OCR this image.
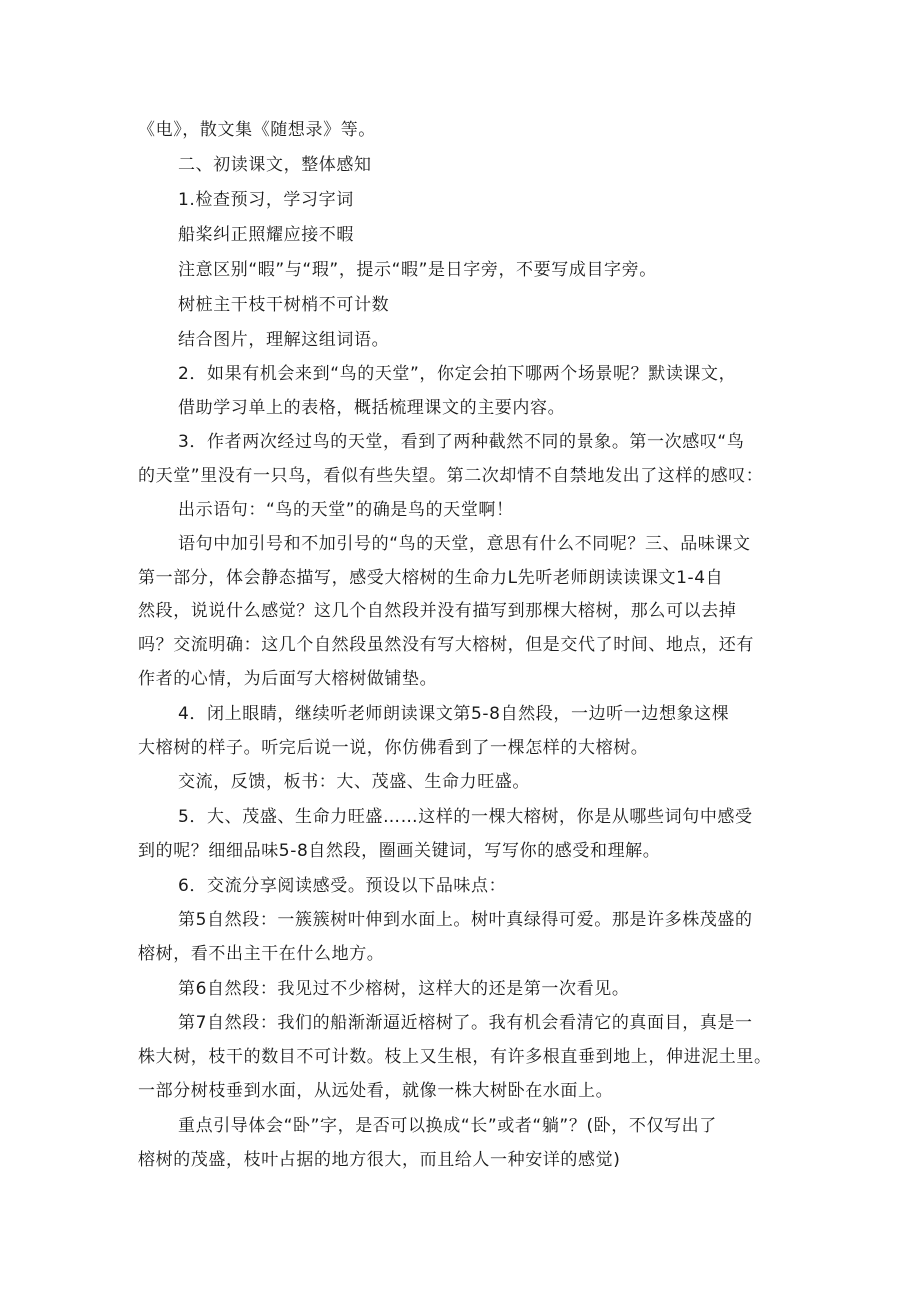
《电》，散文集《随想录》等。
二、初读课文，整体感知
1.检查预习，学习字词
船桨纠正照耀应接不暇
注意区别“暇”与“瑕”，提示“暇”是日字旁，不要写成目字旁。
树桩主干枝干树梢不可计数
结合图片，理解这组词语。
2．如果有机会来到“鸟的天堂”，你定会拍下哪两个场景呢？默读课文，
借助学习单上的表格，概括梳理课文的主要内容。
3．作者两次经过鸟的天堂，看到了两种截然不同的景象。第一次感叹“鸟
的天堂”里没有一只鸟，看似有些失望。第二次却情不自禁地发出了这样的感叹：
出示语句：“鸟的天堂”的确是鸟的天堂啊！
语句中加引号和不加引号的“鸟的天堂，意思有什么不同呢？三、品味课文
第一部分，体会静态描写，感受大榕树的生命力L先听老师朗读读课文1-4自
然段，说说什么感觉？这几个自然段并没有描写到那棵大榕树，那么可以去掉
吗？交流明确：这几个自然段虽然没有写大榕树，但是交代了时间、地点，还有
作者的心情，为后面写大榕树做铺垫。
4．闭上眼睛，继续听老师朗读课文第5-8自然段，一边听一边想象这棵
大榕树的样子。听完后说一说，你仿佛看到了一棵怎样的大榕树。
交流，反馈，板书：大、茂盛、生命力旺盛。
5．大、茂盛、生命力旺盛……这样的一棵大榕树，你是从哪些词句中感受
到的呢？细细品味5-8自然段，圈画关键词，写写你的感受和理解。
6．交流分享阅读感受。预设以下品味点：
第5自然段：一簇簇树叶伸到水面上。树叶真绿得可爱。那是许多株茂盛的
榕树，看不出主干在什么地方。
第6自然段：我见过不少榕树，这样大的还是第一次看见。
第7自然段：我们的船渐渐逼近榕树了。我有机会看清它的真面目，真是一
株大树，枝干的数目不可计数。枝上又生根，有许多根直垂到地上，伸进泥土里。
一部分树枝垂到水面，从远处看，就像一株大树卧在水面上。
重点引导体会“卧”字，是否可以换成“长”或者“躺”？(卧，不仅写出了
榕树的茂盛，枝叶占据的地方很大，而且给人一种安详的感觉)
